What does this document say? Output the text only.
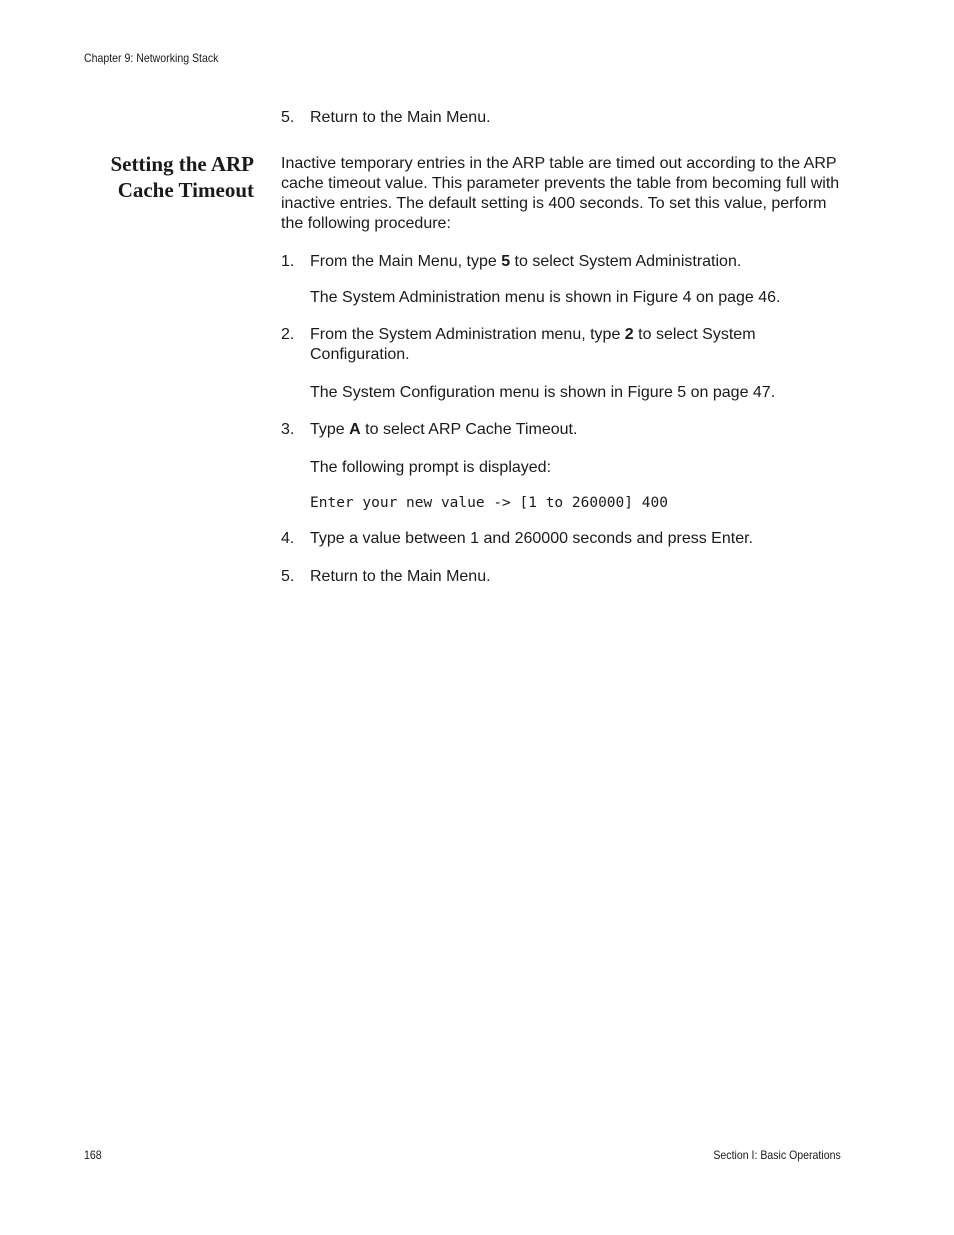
Chapter 9: Networking Stack
5. Return to the Main Menu.
Setting the ARP
Cache Timeout
Inactive temporary entries in the ARP table are timed out according to the ARP cache timeout value. This parameter prevents the table from becoming full with inactive entries. The default setting is 400 seconds. To set this value, perform the following procedure:
1. From the Main Menu, type 5 to select System Administration.
The System Administration menu is shown in Figure 4 on page 46.
2. From the System Administration menu, type 2 to select System Configuration.
The System Configuration menu is shown in Figure 5 on page 47.
3. Type A to select ARP Cache Timeout.
The following prompt is displayed:
Enter your new value -> [1 to 260000] 400
4. Type a value between 1 and 260000 seconds and press Enter.
5. Return to the Main Menu.
168	Section I: Basic Operations
